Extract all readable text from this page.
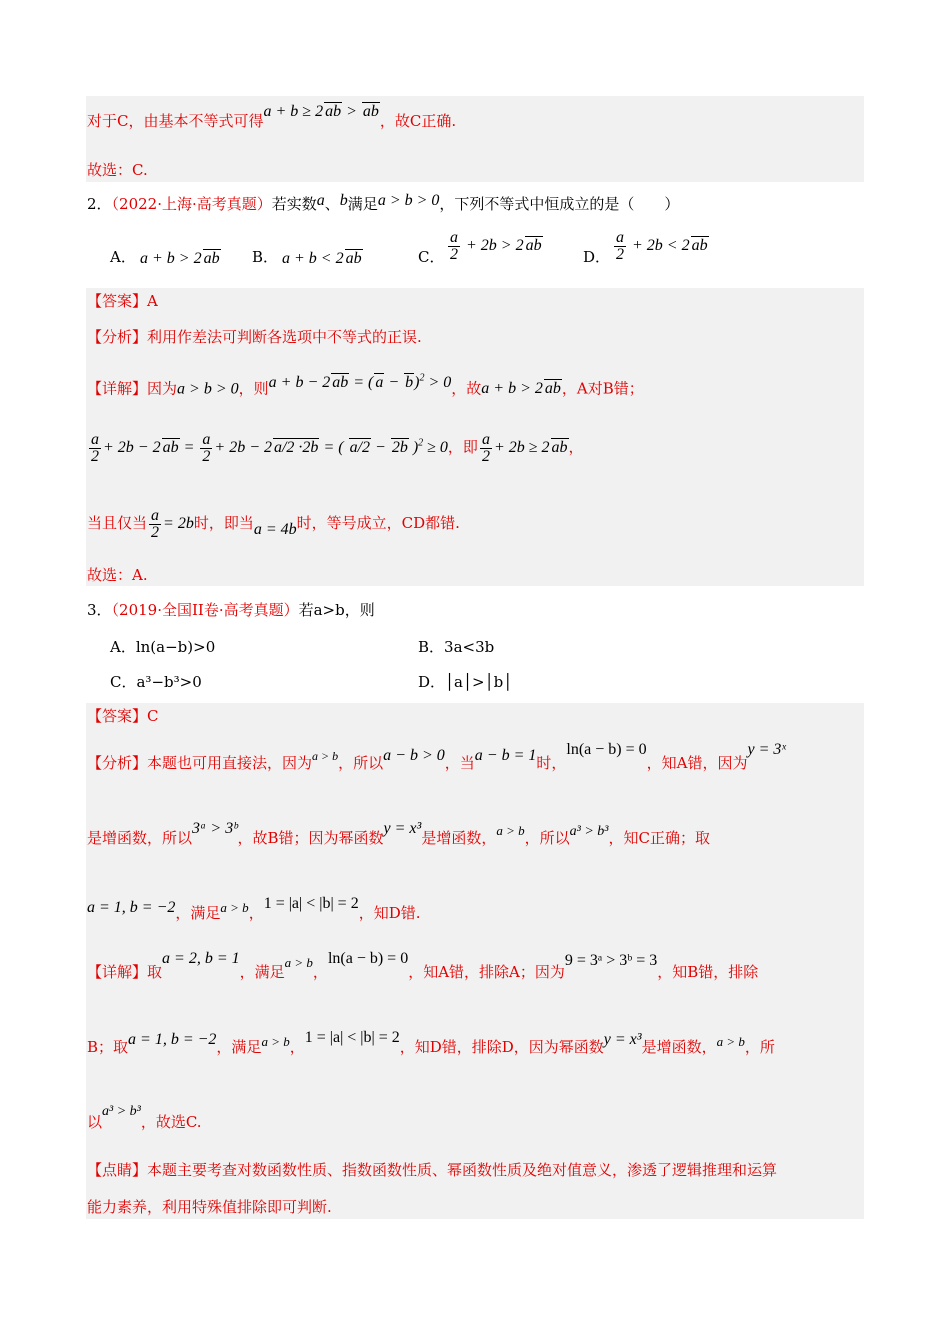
对于C，由基本不等式可得a + b ≥ 2 ab > ab，故C正确.
故选：C.
2．（2022·上海·高考真题）若实数a、b满足a > b > 0，下列不等式中恒成立的是（　　）
A． a + b > 2 ab B． a + b < 2 ab	C． $\frac{a}{2} + 2b > 2$ ab
D． $\frac{a}{2} + 2b < 2$ ab
【答案】A
【分析】利用作差法可判断各选项中不等式的正误.
【详解】因为a > b > 0，则a + b − 2 ab = ( a − b)$^2$ > 0，故a + b > 2 ab，A对B错；
$\frac{a}{2} + 2b - 2$ ab = $\frac{a}{2} + 2b - 2$ a/2 ·2b = ( a/2 − 2b )$^2$ ≥ 0，即 $\frac{a}{2} + 2b \ge 2$ ab，
当且仅当 $\frac{a}{2} = 2b$时，即当a = 4b时，等号成立，CD都错.
故选：A.
3．（2019·全国II卷·高考真题）若a>b，则
A．ln(a−b)>0	B．3a<3b
C．a³−b³>0	D．│a│>│b│
【答案】C
【分析】本题也可用直接法，因为$^{a > b}$，所以a − b > 0，当a − b = 1时，ln(a − b) = 0，知A错，因为y = 3ˣ
是增函数，所以3ᵃ > 3ᵇ，故B错；因为幂函数y = x³是增函数，a > b，所以a³ > b³，知C正确；取
a = 1, b = −2，满足a > b，1 = |a| < |b| = 2，知D错.
【详解】取a = 2, b = 1，满足a > b，ln(a − b) = 0，知A错，排除A；因为9 = 3ᵃ > 3ᵇ = 3，知B错，排除
B；取a = 1, b = −2，满足a > b，1 = |a| < |b| = 2，知D错，排除D，因为幂函数y = x³是增函数，a > b，所
以a³ > b³，故选C.
【点睛】本题主要考查对数函数性质、指数函数性质、幂函数性质及绝对值意义，渗透了逻辑推理和运算
能力素养，利用特殊值排除即可判断.
